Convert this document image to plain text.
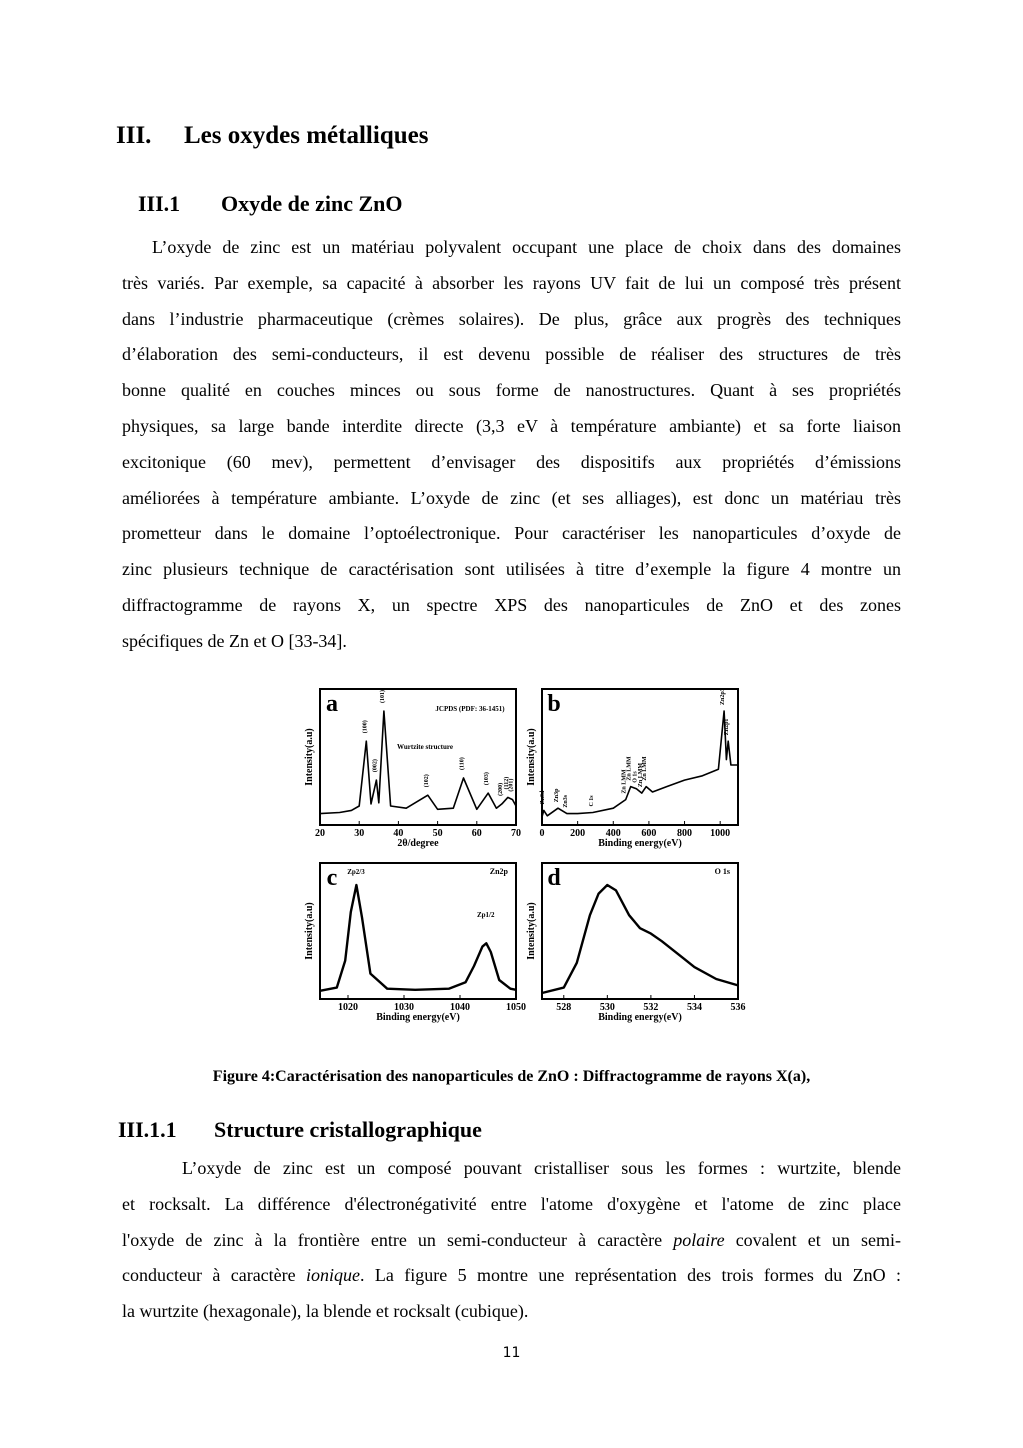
III. Les oxydes métalliques
III.1 Oxyde de zinc ZnO
L’oxyde de zinc est un matériau polyvalent occupant une place de choix dans des domaines
très variés. Par exemple, sa capacité à absorber les rayons UV fait de lui un composé très présent
dans l’industrie pharmaceutique (crèmes solaires). De plus, grâce aux progrès des techniques
d’élaboration des semi-conducteurs, il est devenu possible de réaliser des structures de très
bonne qualité en couches minces ou sous forme de nanostructures. Quant à ses propriétés
physiques, sa large bande interdite directe (3,3 eV à température ambiante) et sa forte liaison
excitonique (60 mev), permettent d’envisager des dispositifs aux propriétés d’émissions
améliorées à température ambiante. L’oxyde de zinc (et ses alliages), est donc un matériau très
prometteur dans le domaine l’optoélectronique. Pour caractériser les nanoparticules d’oxyde de
zinc plusieurs technique de caractérisation sont utilisées à titre d’exemple la figure 4 montre un
diffractogramme de rayons X, un spectre XPS des nanoparticules de ZnO et des zones
spécifiques de Zn et O [33-34].
a
Intensity(a.u)
2θ/degree
20	30	40	50	60	70
b
Intensity(a.u)
Binding energy(eV)
0	200 400 600 800 1000
c
Intensity(a.u)
Binding energy(eV)
1020	1030	1040	1050
Zn2p d
Intensity(a.u)
Binding energy(eV)
528	530	532	534	536
O 1s
JCPDS (PDF: 36-1451)
Wurtzite structure
(100)
(002)
(101)
(102)
(110)
(103)
(200) (112)
(201)
Zn3d Zn3p Zn3s	C 1s
Zn LMM
Zn LMM O 1s Zn LMM
Zn LMM
Zn2p3
Zn2p1
Zp2/3
Zp1/2
Figure 4:Caractérisation des nanoparticules de ZnO : Diffractogramme de rayons X(a),
III.1.1 Structure cristallographique
L’oxyde de zinc est un composé pouvant cristalliser sous les formes : wurtzite, blende
et rocksalt. La différence d'électronégativité entre l'atome d'oxygène et l'atome de zinc place
l'oxyde de zinc à la frontière entre un semi-conducteur à caractère polaire covalent et un semi-
conducteur à caractère ionique. La figure 5 montre une représentation des trois formes du ZnO :
la wurtzite (hexagonale), la blende et rocksalt (cubique).
11
